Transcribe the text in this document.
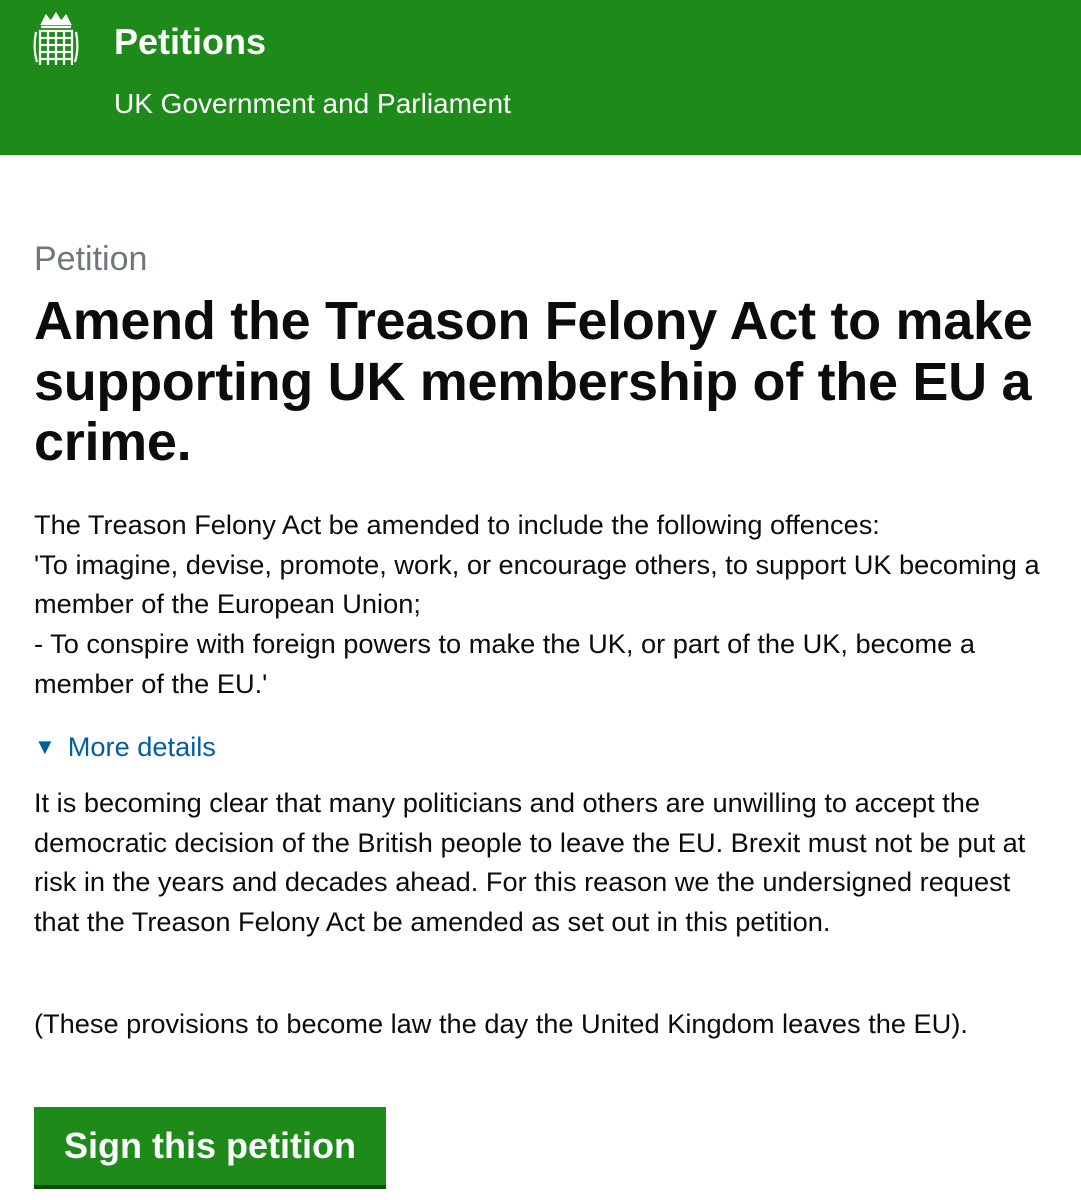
Petitions
UK Government and Parliament
Petition
Amend the Treason Felony Act to make supporting UK membership of the EU a crime.

The Treason Felony Act be amended to include the following offences:

'To imagine, devise, promote, work, or encourage others, to support UK becoming a member of the European Union;

- To conspire with foreign powers to make the UK, or part of the UK, become a member of the EU.'

▼ More details

It is becoming clear that many politicians and others are unwilling to accept the democratic decision of the British people to leave the EU. Brexit must not be put at risk in the years and decades ahead. For this reason we the undersigned request that the Treason Felony Act be amended as set out in this petition.

(These provisions to become law the day the United Kingdom leaves the EU).

Sign this petition
